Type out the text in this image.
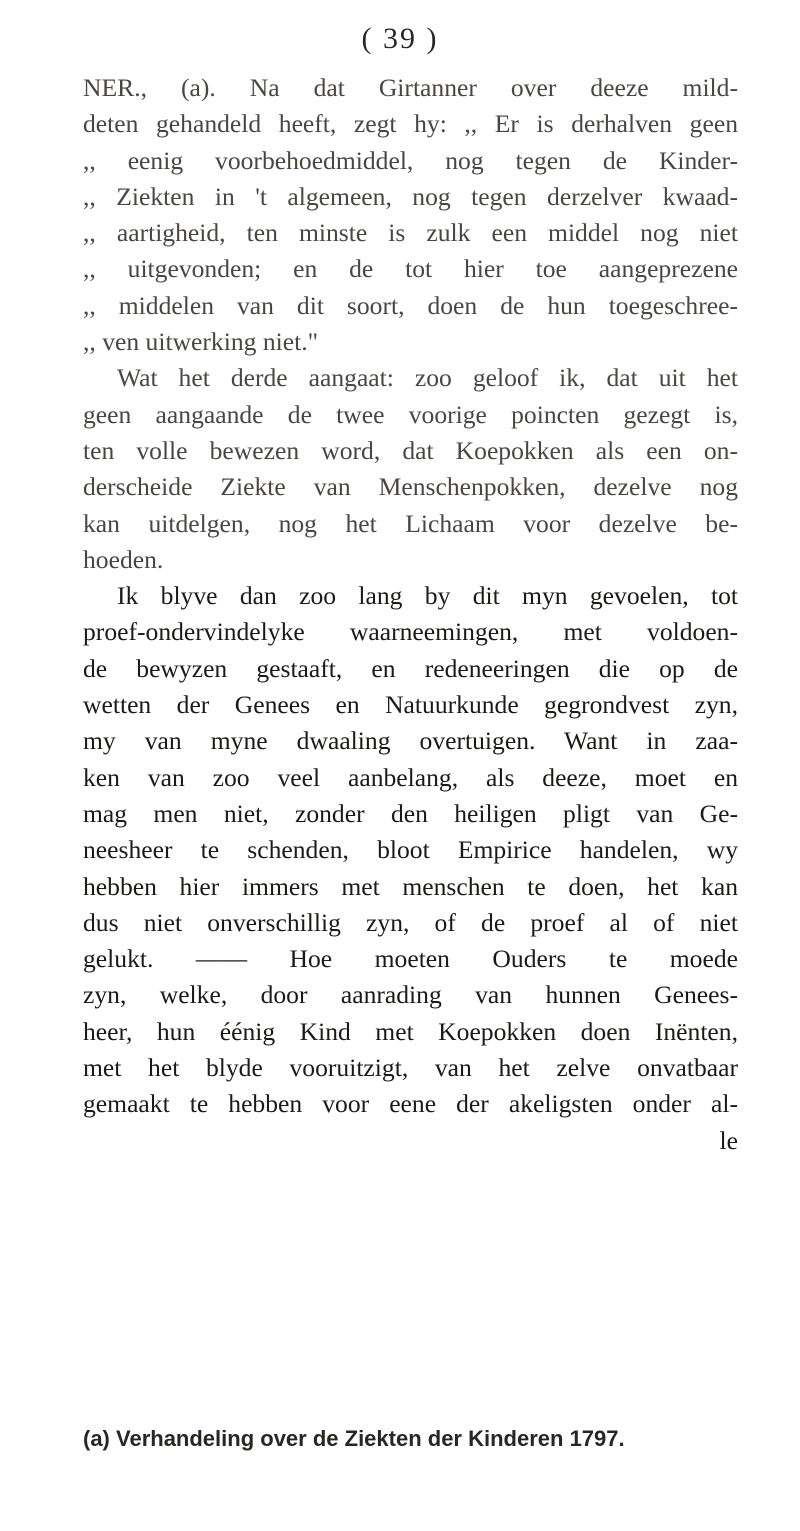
( 39 )
NER., (a). Na dat Girtanner over deeze mild-
deten gehandeld heeft, zegt hy: ,, Er is derhalven geen
,, eenig voorbehoedmiddel, nog tegen de Kinder-
,, Ziekten in 't algemeen, nog tegen derzelver kwaad-
,, aartigheid, ten minste is zulk een middel nog niet
,, uitgevonden; en de tot hier toe aangeprezene
,, middelen van dit soort, doen de hun toegeschree-
,, ven uitwerking niet."
Wat het derde aangaat: zoo geloof ik, dat uit het
geen aangaande de twee voorige poincten gezegt is,
ten volle bewezen word, dat Koepokken als een on-
derscheide Ziekte van Menschenpokken, dezelve nog
kan uitdelgen, nog het Lichaam voor dezelve be-
hoeden.
Ik blyve dan zoo lang by dit myn gevoelen, tot
proef-ondervindelyke waarneemingen, met voldoen-
de bewyzen gestaaft, en redeneeringen die op de
wetten der Genees en Natuurkunde gegrondvest zyn,
my van myne dwaaling overtuigen. Want in zaa-
ken van zoo veel aanbelang, als deeze, moet en
mag men niet, zonder den heiligen pligt van Ge-
neesheer te schenden, bloot Empirice handelen, wy
hebben hier immers met menschen te doen, het kan
dus niet onverschillig zyn, of de proef al of niet
gelukt. —— Hoe moeten Ouders te moede
zyn, welke, door aanrading van hunnen Genees-
heer, hun éénig Kind met Koepokken doen Inënten,
met het blyde vooruitzigt, van het zelve onvatbaar
gemaakt te hebben voor eene der akeligsten onder al-
le
(a) Verhandeling over de Ziekten der Kinderen 1797.
